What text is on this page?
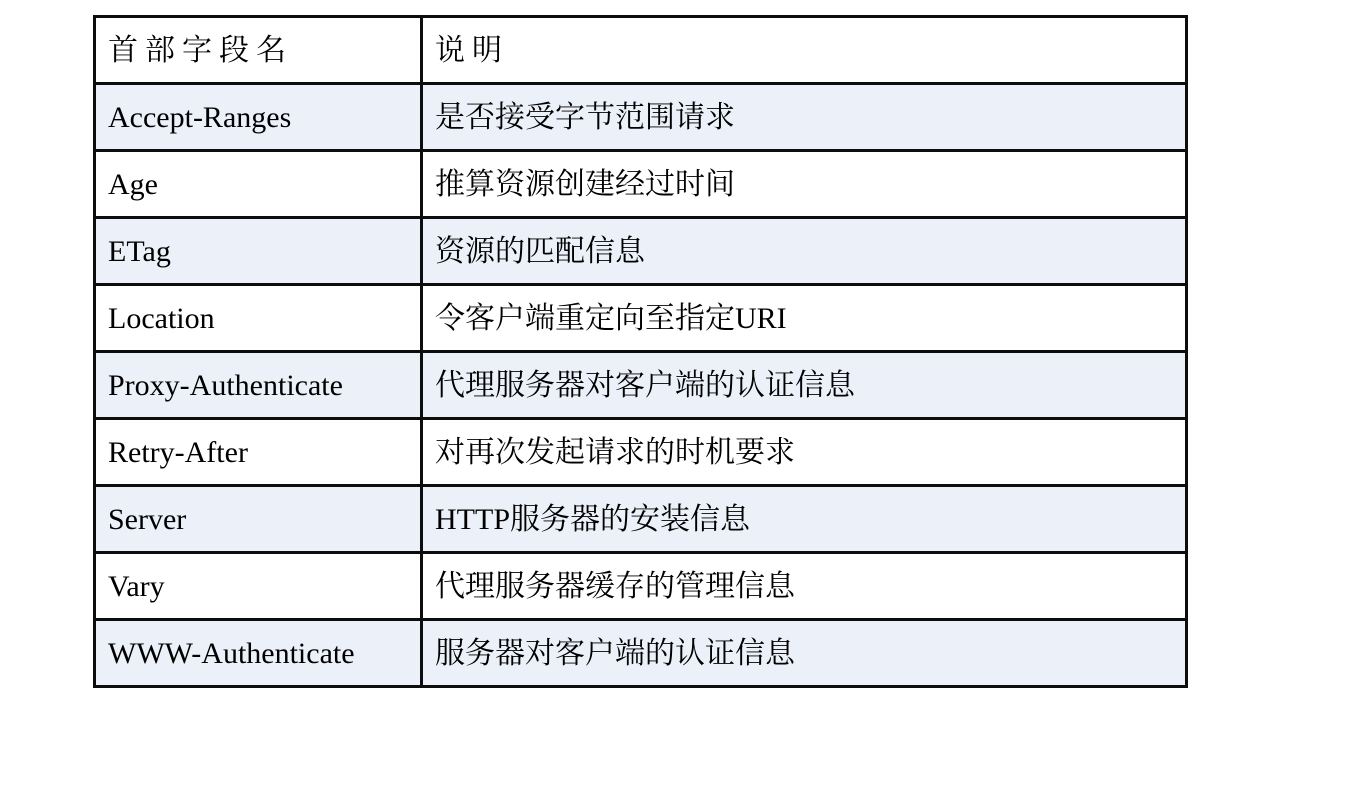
首部字段名	说明
Accept-Ranges	是否接受字节范围请求
Age	推算资源创建经过时间
ETag	资源的匹配信息
Location	令客户端重定向至指定URI
Proxy-Authenticate	代理服务器对客户端的认证信息
Retry-After	对再次发起请求的时机要求
Server	HTTP服务器的安装信息
Vary	代理服务器缓存的管理信息
WWW-Authenticate	服务器对客户端的认证信息
